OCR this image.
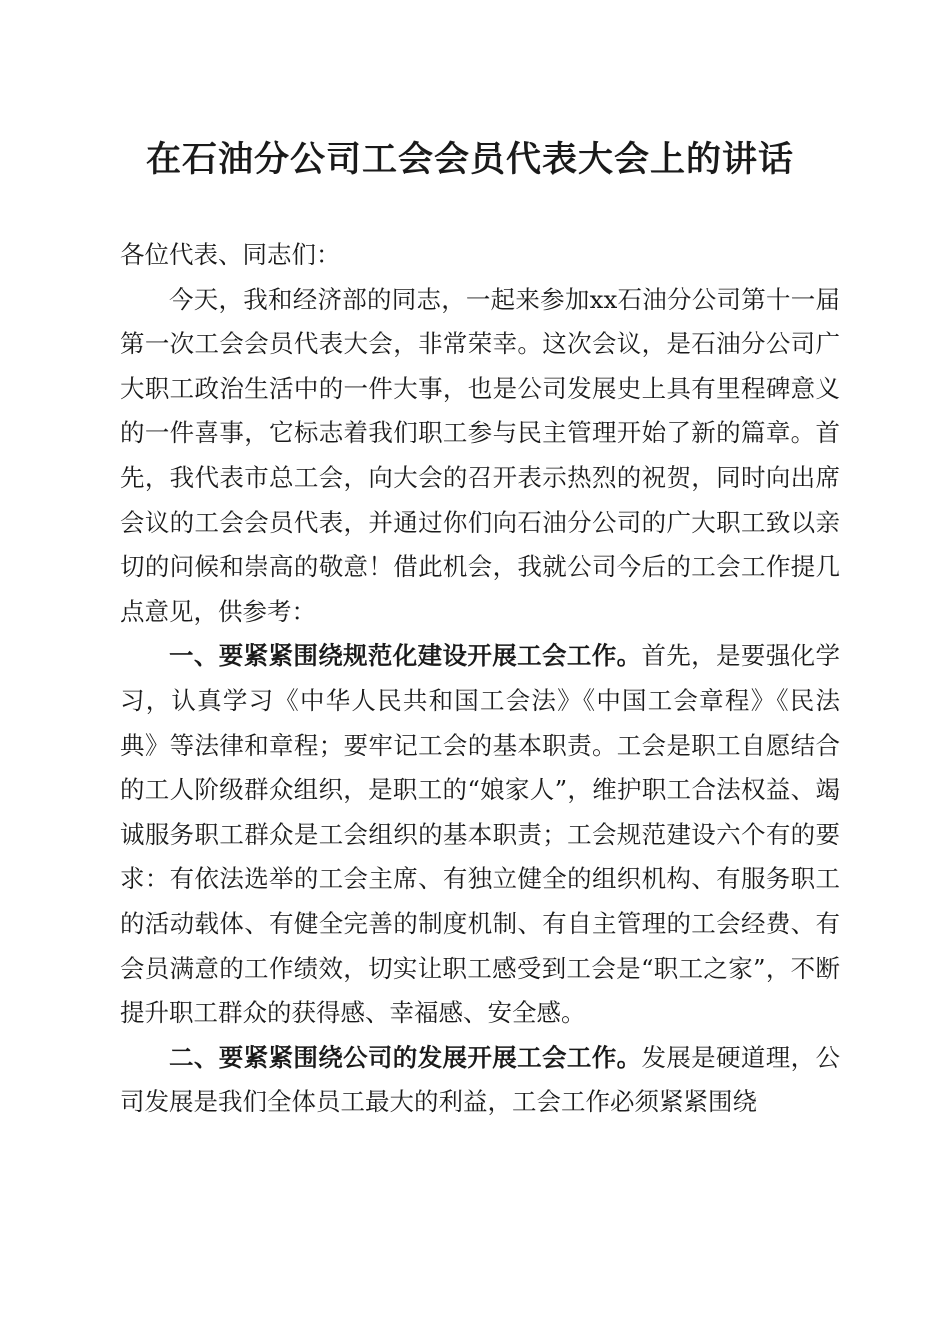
在石油分公司工会会员代表大会上的讲话

各位代表、同志们：

今天，我和经济部的同志，一起来参加xx石油分公司第十一届第一次工会会员代表大会，非常荣幸。这次会议，是石油分公司广大职工政治生活中的一件大事，也是公司发展史上具有里程碑意义的一件喜事，它标志着我们职工参与民主管理开始了新的篇章。首先，我代表市总工会，向大会的召开表示热烈的祝贺，同时向出席会议的工会会员代表，并通过你们向石油分公司的广大职工致以亲切的问候和崇高的敬意！借此机会，我就公司今后的工会工作提几点意见，供参考：

一、要紧紧围绕规范化建设开展工会工作。首先，是要强化学习，认真学习《中华人民共和国工会法》《中国工会章程》《民法典》等法律和章程；要牢记工会的基本职责。工会是职工自愿结合的工人阶级群众组织，是职工的“娘家人”，维护职工合法权益、竭诚服务职工群众是工会组织的基本职责；工会规范建设六个有的要求：有依法选举的工会主席、有独立健全的组织机构、有服务职工的活动载体、有健全完善的制度机制、有自主管理的工会经费、有会员满意的工作绩效，切实让职工感受到工会是“职工之家”，不断提升职工群众的获得感、幸福感、安全感。

二、要紧紧围绕公司的发展开展工会工作。发展是硬道理，公司发展是我们全体员工最大的利益，工会工作必须紧紧围绕
